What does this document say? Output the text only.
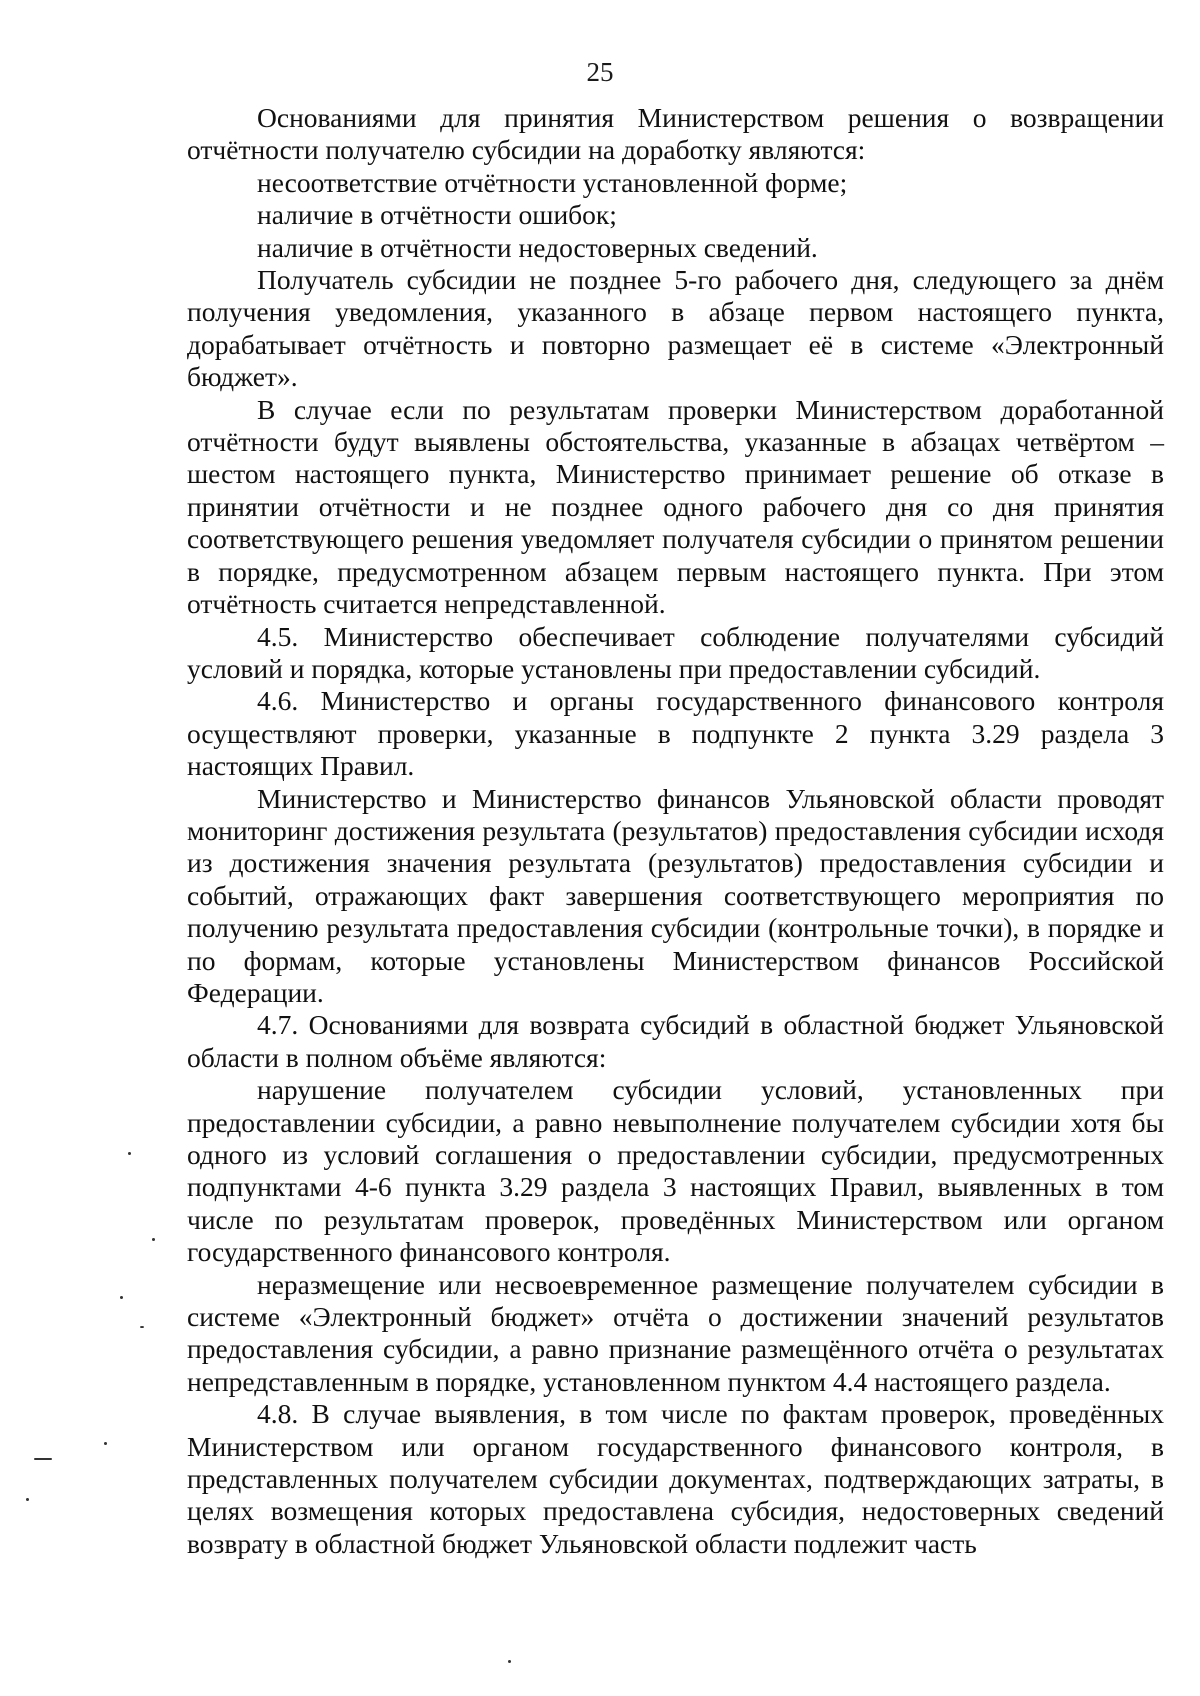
25

Основаниями для принятия Министерством решения о возвращении отчётности получателю субсидии на доработку являются:

несоответствие отчётности установленной форме;

наличие в отчётности ошибок;

наличие в отчётности недостоверных сведений.

Получатель субсидии не позднее 5-го рабочего дня, следующего за днём получения уведомления, указанного в абзаце первом настоящего пункта, дорабатывает отчётность и повторно размещает её в системе «Электронный бюджет».

В случае если по результатам проверки Министерством доработанной отчётности будут выявлены обстоятельства, указанные в абзацах четвёртом – шестом настоящего пункта, Министерство принимает решение об отказе в принятии отчётности и не позднее одного рабочего дня со дня принятия соответствующего решения уведомляет получателя субсидии о принятом решении в порядке, предусмотренном абзацем первым настоящего пункта. При этом отчётность считается непредставленной.

4.5. Министерство обеспечивает соблюдение получателями субсидий условий и порядка, которые установлены при предоставлении субсидий.

4.6. Министерство и органы государственного финансового контроля осуществляют проверки, указанные в подпункте 2 пункта 3.29 раздела 3 настоящих Правил.

Министерство и Министерство финансов Ульяновской области проводят мониторинг достижения результата (результатов) предоставления субсидии исходя из достижения значения результата (результатов) предоставления субсидии и событий, отражающих факт завершения соответствующего мероприятия по получению результата предоставления субсидии (контрольные точки), в порядке и по формам, которые установлены Министерством финансов Российской Федерации.

4.7. Основаниями для возврата субсидий в областной бюджет Ульяновской области в полном объёме являются:

нарушение получателем субсидии условий, установленных при предоставлении субсидии, а равно невыполнение получателем субсидии хотя бы одного из условий соглашения о предоставлении субсидии, предусмотренных подпунктами 4-6 пункта 3.29 раздела 3 настоящих Правил, выявленных в том числе по результатам проверок, проведённых Министерством или органом государственного финансового контроля.

неразмещение или несвоевременное размещение получателем субсидии в системе «Электронный бюджет» отчёта о достижении значений результатов предоставления субсидии, а равно признание размещённого отчёта о результатах непредставленным в порядке, установленном пунктом 4.4 настоящего раздела.

4.8. В случае выявления, в том числе по фактам проверок, проведённых Министерством или органом государственного финансового контроля, в представленных получателем субсидии документах, подтверждающих затраты, в целях возмещения которых предоставлена субсидия, недостоверных сведений возврату в областной бюджет Ульяновской области подлежит часть
